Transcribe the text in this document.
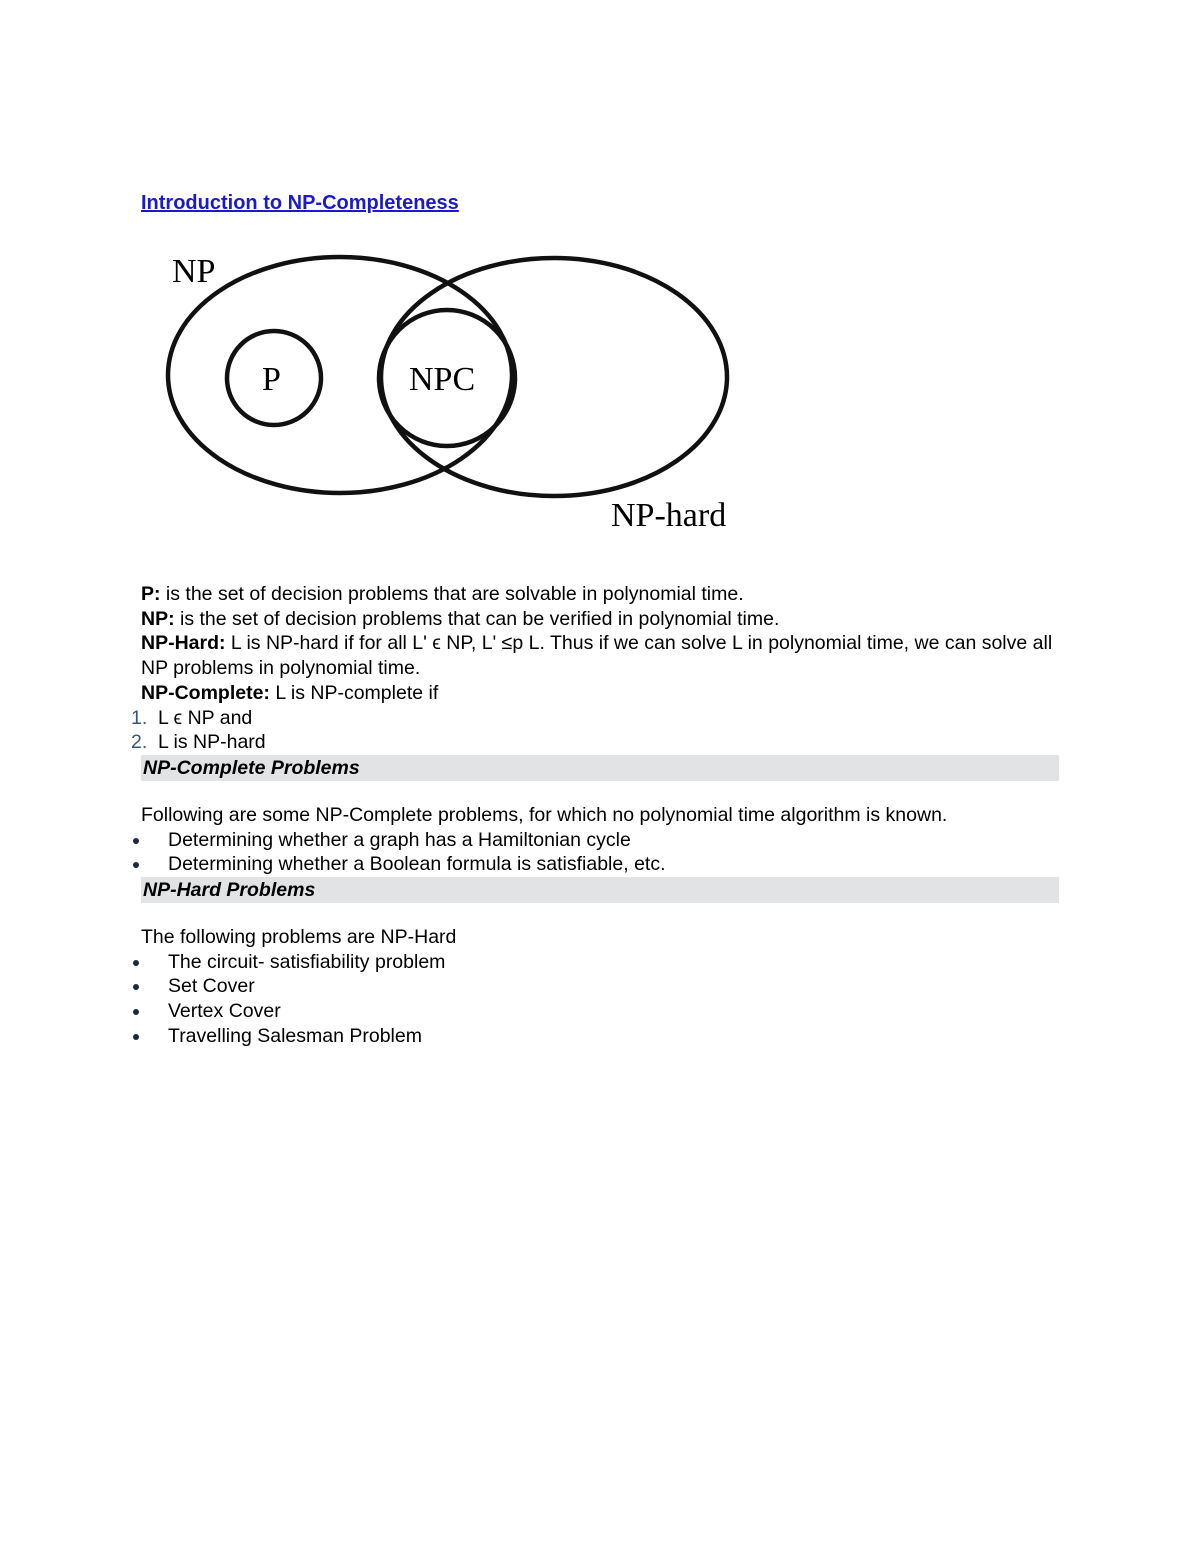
Introduction to NP-Completeness
NP
P	NPC
NP-hard

P: is the set of decision problems that are solvable in polynomial time.

NP: is the set of decision problems that can be verified in polynomial time.

NP-Hard: L is NP-hard if for all L' ϵ NP, L' ≤p L. Thus if we can solve L in polynomial time, we can solve all NP problems in polynomial time.

NP-Complete: L is NP-complete if

1. L ϵ NP and
2. L is NP-hard
NP-Complete Problems

Following are some NP-Complete problems, for which no polynomial time algorithm is known.

Determining whether a graph has a Hamiltonian cycle
Determining whether a Boolean formula is satisfiable, etc.
NP-Hard Problems

The following problems are NP-Hard

The circuit- satisfiability problem
Set Cover
Vertex Cover
Travelling Salesman Problem
